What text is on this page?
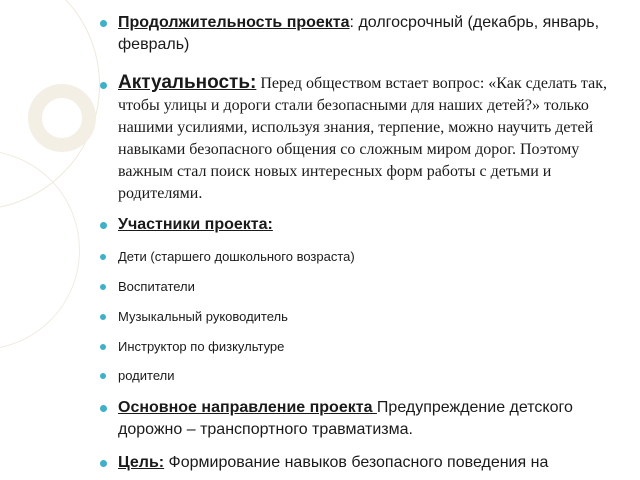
Продолжительность проекта: долгосрочный (декабрь, январь, февраль)
Актуальность: Перед обществом встает вопрос: «Как сделать так, чтобы улицы и дороги стали безопасными для наших детей?» только нашими усилиями, используя знания, терпение, можно научить детей навыками безопасного общения со сложным миром дорог. Поэтому важным стал поиск новых интересных форм работы с детьми и родителями.
Участники проекта:
Дети (старшего дошкольного возраста)
Воспитатели
Музыкальный руководитель
Инструктор по физкультуре
родители
Основное направление проекта Предупреждение детского дорожно – транспортного травматизма.
Цель: Формирование навыков безопасного поведения на
